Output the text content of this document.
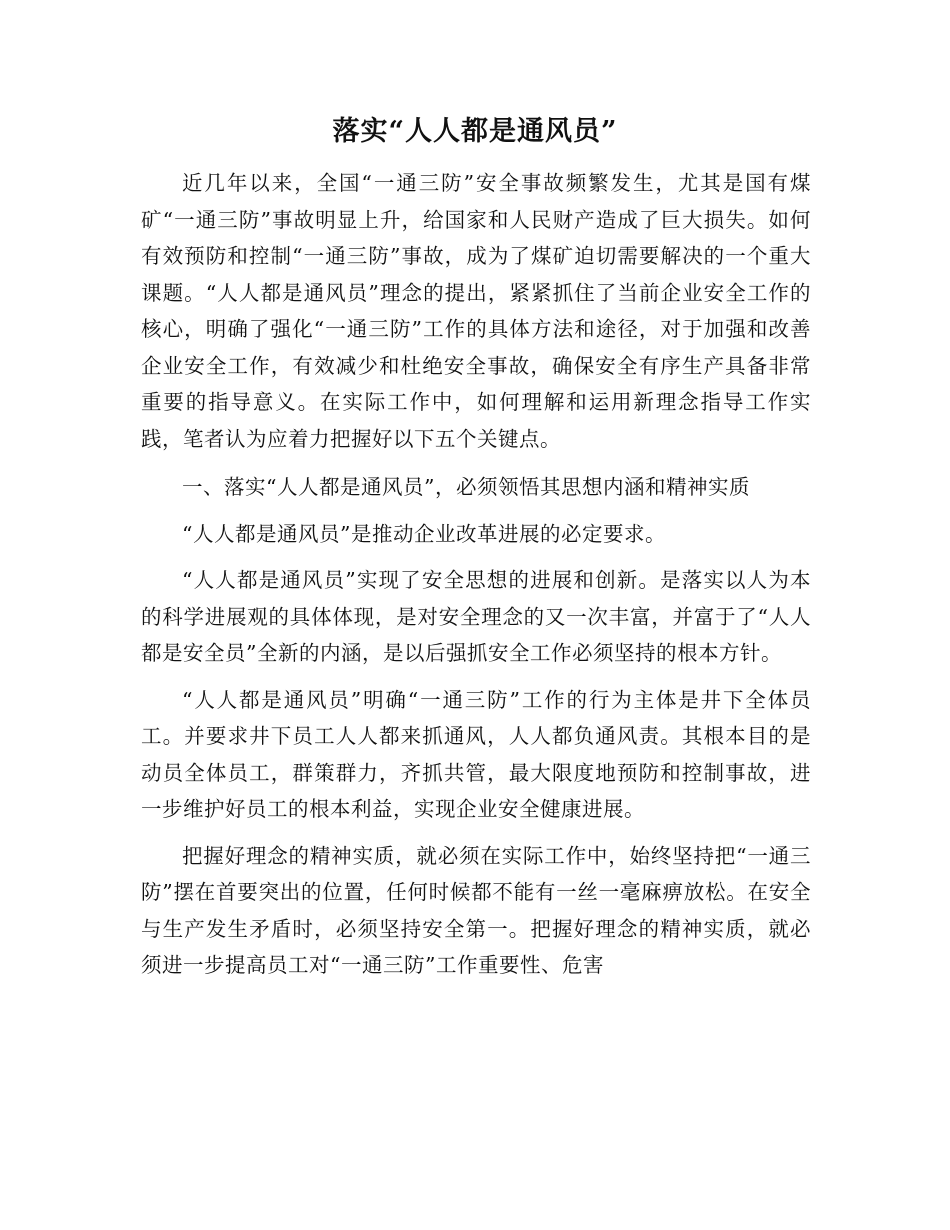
落实“人人都是通风员”

近几年以来，全国“一通三防”安全事故频繁发生，尤其是国有煤矿“一通三防”事故明显上升，给国家和人民财产造成了巨大损失。如何有效预防和控制“一通三防”事故，成为了煤矿迫切需要解决的一个重大课题。“人人都是通风员”理念的提出，紧紧抓住了当前企业安全工作的核心，明确了强化“一通三防”工作的具体方法和途径，对于加强和改善企业安全工作，有效减少和杜绝安全事故，确保安全有序生产具备非常重要的指导意义。在实际工作中，如何理解和运用新理念指导工作实践，笔者认为应着力把握好以下五个关键点。

一、落实“人人都是通风员”，必须领悟其思想内涵和精神实质

“人人都是通风员”是推动企业改革进展的必定要求。

“人人都是通风员”实现了安全思想的进展和创新。是落实以人为本的科学进展观的具体体现，是对安全理念的又一次丰富，并富于了“人人都是安全员”全新的内涵，是以后强抓安全工作必须坚持的根本方针。

“人人都是通风员”明确“一通三防”工作的行为主体是井下全体员工。并要求井下员工人人都来抓通风，人人都负通风责。其根本目的是动员全体员工，群策群力，齐抓共管，最大限度地预防和控制事故，进一步维护好员工的根本利益，实现企业安全健康进展。

把握好理念的精神实质，就必须在实际工作中，始终坚持把“一通三防”摆在首要突出的位置，任何时候都不能有一丝一毫麻痹放松。在安全与生产发生矛盾时，必须坚持安全第一。把握好理念的精神实质，就必须进一步提高员工对“一通三防”工作重要性、危害
